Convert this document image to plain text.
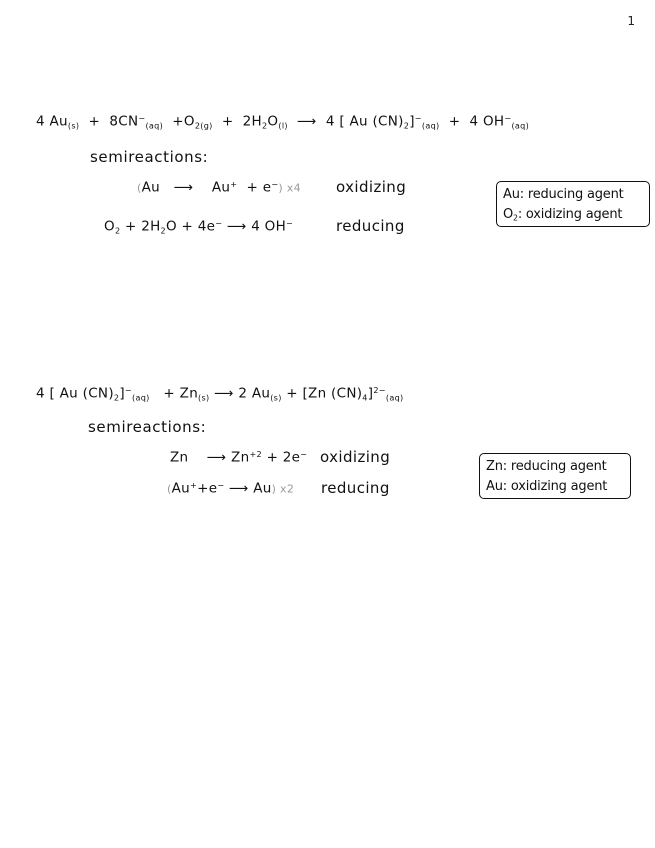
1
4 $Au_{(s)} + 8CN^-_{(aq)} +O_{2(g)} + 2H_2O_{(l)}$ ⟶ 4 [ Au $(CN)_2]^-_{(aq)} + 4$ $OH^-_{(aq)}$
semireactions:
(Au ⟶ Au+ + e−) x4 oxidizing
$O_2 + 2H_2O + 4e^-$ ⟶ 4 OH−	reducing
Au: reducing agent
$O_2$: oxidizing agent
4 [ Au $(CN)_2]^-_{(aq)} + Zn_{(s)}$ ⟶ 2 $Au_{(s)} + [Zn$ $(CN)_4]^{2-}_{(aq)}$
semireactions:
Zn ⟶ $Zn^{+2} + 2e^-$ oxidizing
(Au++e− ⟶ Au) x2 reducing
Zn: reducing agent
Au: oxidizing agent
